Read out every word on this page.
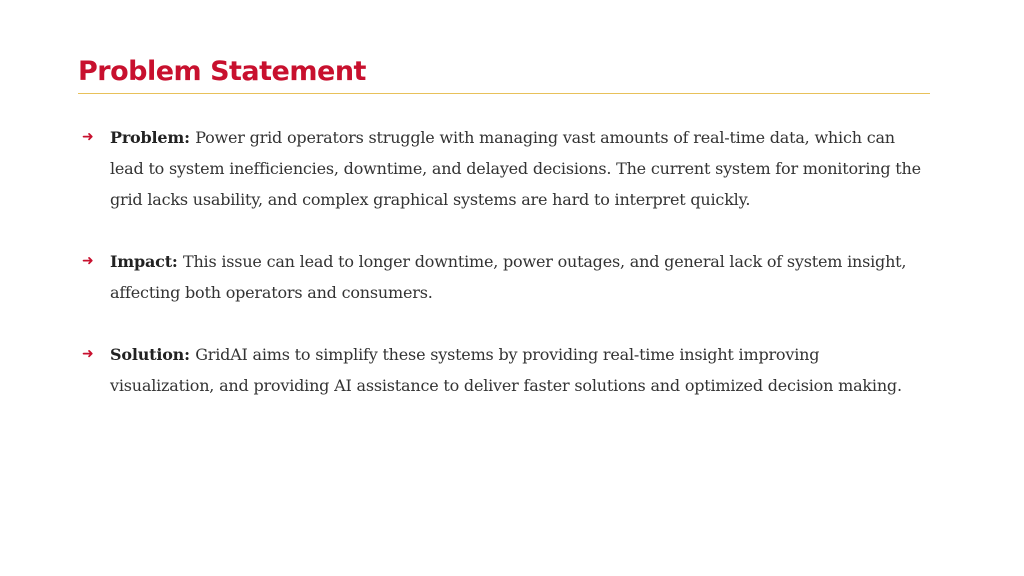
Problem Statement
➜ Problem: Power grid operators struggle with managing vast amounts of real-time data, which can lead to system inefficiencies, downtime, and delayed decisions. The current system for monitoring the grid lacks usability, and complex graphical systems are hard to interpret quickly.
➜ Impact: This issue can lead to longer downtime, power outages, and general lack of system insight, affecting both operators and consumers.
➜ Solution: GridAI aims to simplify these systems by providing real-time insight improving visualization, and providing AI assistance to deliver faster solutions and optimized decision making.
